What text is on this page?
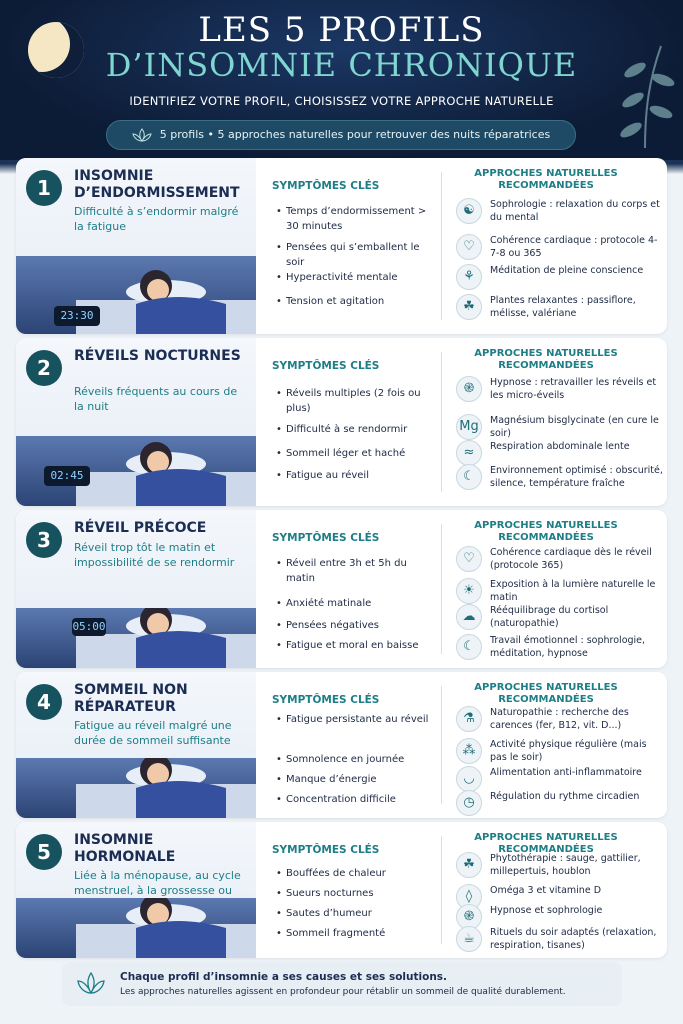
LES 5 PROFILS
D’INSOMNIE CHRONIQUE
IDENTIFIEZ VOTRE PROFIL, CHOISISSEZ VOTRE APPROCHE NATURELLE
5 profils • 5 approches naturelles pour retrouver des nuits réparatrices
1	INSOMNIE D’ENDORMISSEMENT
Difficulté à s’endormir malgré la fatigue
23:30
SYMPTÔMES CLÉS
• Temps d’endormissement > 30 minutes
• Pensées qui s’emballent le soir
• Hyperactivité mentale
• Tension et agitation
APPROCHES NATURELLES RECOMMANDÉES
☯	Sophrologie : relaxation du corps et du mental
♡	Cohérence cardiaque : protocole 4-7-8 ou 365
⚘	Méditation de pleine conscience
☘	Plantes relaxantes : passiflore, mélisse, valériane
2	RÉVEILS NOCTURNES
Réveils fréquents au cours de la nuit
02:45
SYMPTÔMES CLÉS
• Réveils multiples (2 fois ou plus)
• Difficulté à se rendormir
• Sommeil léger et haché
• Fatigue au réveil
APPROCHES NATURELLES RECOMMANDÉES
֎	Hypnose : retravailler les réveils et les micro-éveils
Mg	Magnésium bisglycinate (en cure le soir)
≈	Respiration abdominale lente
☾	Environnement optimisé : obscurité, silence, température fraîche
3	RÉVEIL PRÉCOCE
Réveil trop tôt le matin et impossibilité de se rendormir
05:00
SYMPTÔMES CLÉS
• Réveil entre 3h et 5h du matin
• Anxiété matinale
• Pensées négatives
• Fatigue et moral en baisse
APPROCHES NATURELLES RECOMMANDÉES
♡	Cohérence cardiaque dès le réveil (protocole 365)
☀	Exposition à la lumière naturelle le matin
☁	Rééquilibrage du cortisol (naturopathie)
☾	Travail émotionnel : sophrologie, méditation, hypnose
4	SOMMEIL NON RÉPARATEUR
Fatigue au réveil malgré une durée de sommeil suffisante
SYMPTÔMES CLÉS
• Fatigue persistante au réveil
• Somnolence en journée
• Manque d’énergie
• Concentration difficile
APPROCHES NATURELLES RECOMMANDÉES
⚗	Naturopathie : recherche des carences (fer, B12, vit. D...)
⁂	Activité physique régulière (mais pas le soir)
◡	Alimentation anti-inflammatoire
◷	Régulation du rythme circadien
5	INSOMNIE HORMONALE
Liée à la ménopause, au cycle menstruel, à la grossesse ou
SYMPTÔMES CLÉS
• Bouffées de chaleur
• Sueurs nocturnes
• Sautes d’humeur
• Sommeil fragmenté
APPROCHES NATURELLES RECOMMANDÉES
☘	Phytothérapie : sauge, gattilier, millepertuis, houblon
◊	Oméga 3 et vitamine D
֎	Hypnose et sophrologie
☕	Rituels du soir adaptés (relaxation, respiration, tisanes)
Chaque profil d’insomnie a ses causes et ses solutions.
Les approches naturelles agissent en profondeur pour rétablir un sommeil de qualité durablement.
